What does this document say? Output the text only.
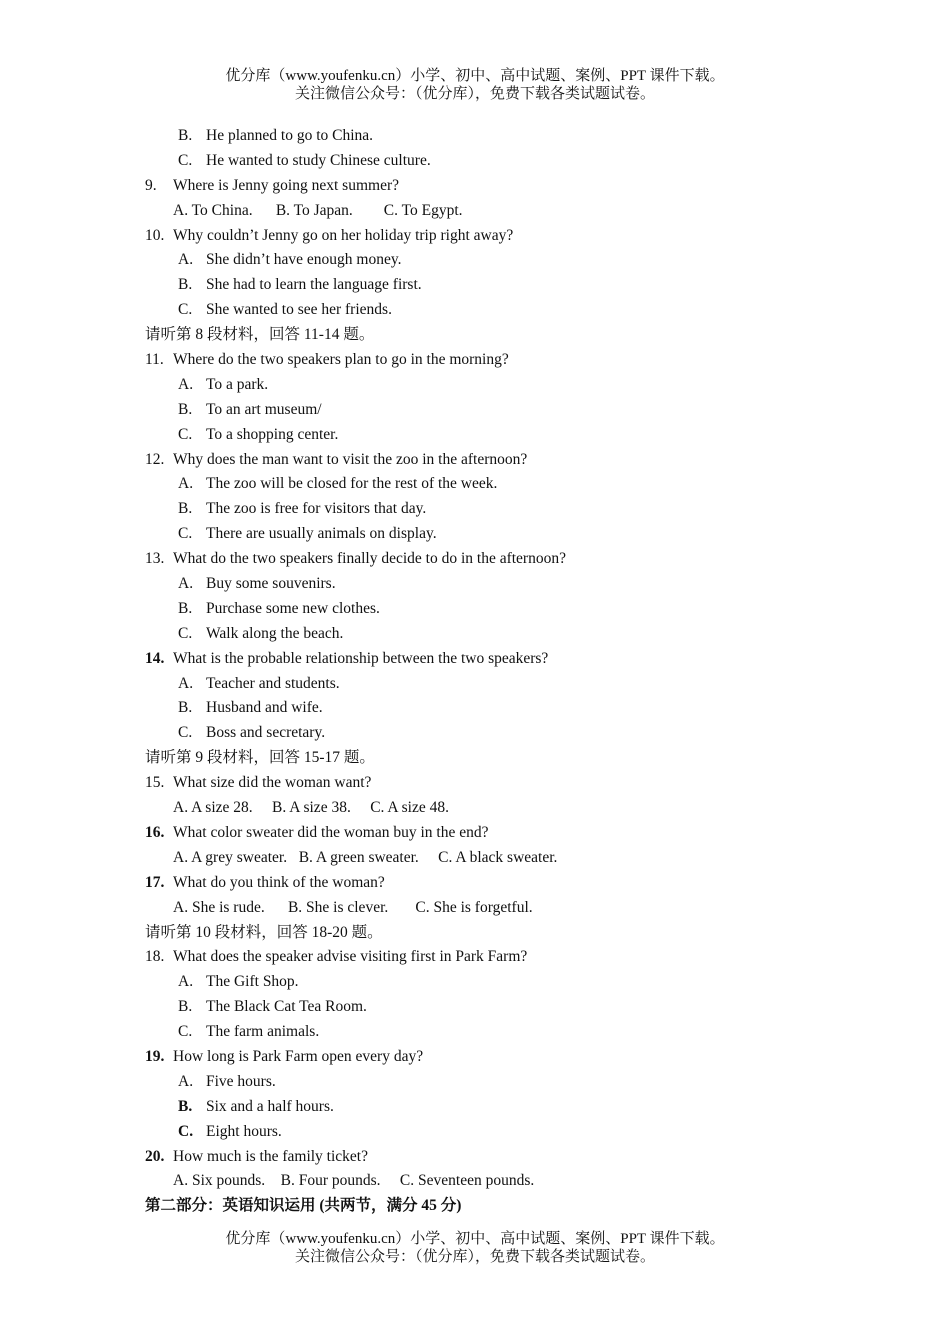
优分库（www.youfenku.cn）小学、初中、高中试题、案例、PPT 课件下载。
关注微信公众号：（优分库），免费下载各类试题试卷。
B. He planned to go to China.
C. He wanted to study Chinese culture.
9. Where is Jenny going next summer?
A. To China.      B. To Japan.        C. To Egypt.
10. Why couldn’t Jenny go on her holiday trip right away?
A. She didn’t have enough money.
B. She had to learn the language first.
C. She wanted to see her friends.
请听第 8 段材料，回答 11-14 题。
11. Where do the two speakers plan to go in the morning?
A. To a park.
B. To an art museum/
C. To a shopping center.
12. Why does the man want to visit the zoo in the afternoon?
A. The zoo will be closed for the rest of the week.
B. The zoo is free for visitors that day.
C. There are usually animals on display.
13. What do the two speakers finally decide to do in the afternoon?
A. Buy some souvenirs.
B. Purchase some new clothes.
C. Walk along the beach.
14. What is the probable relationship between the two speakers?
A. Teacher and students.
B. Husband and wife.
C. Boss and secretary.
请听第 9 段材料，回答 15-17 题。
15. What size did the woman want?
A. A size 28.     B. A size 38.     C. A size 48.
16. What color sweater did the woman buy in the end?
A. A grey sweater.   B. A green sweater.     C. A black sweater.
17. What do you think of the woman?
A. She is rude.      B. She is clever.       C. She is forgetful.
请听第 10 段材料，回答 18-20 题。
18. What does the speaker advise visiting first in Park Farm?
A. The Gift Shop.
B. The Black Cat Tea Room.
C. The farm animals.
19. How long is Park Farm open every day?
A. Five hours.
B. Six and a half hours.
C. Eight hours.
20. How much is the family ticket?
A. Six pounds.    B. Four pounds.     C. Seventeen pounds.
第二部分：英语知识运用 (共两节，满分 45 分)
优分库（www.youfenku.cn）小学、初中、高中试题、案例、PPT 课件下载。
关注微信公众号：（优分库），免费下载各类试题试卷。
